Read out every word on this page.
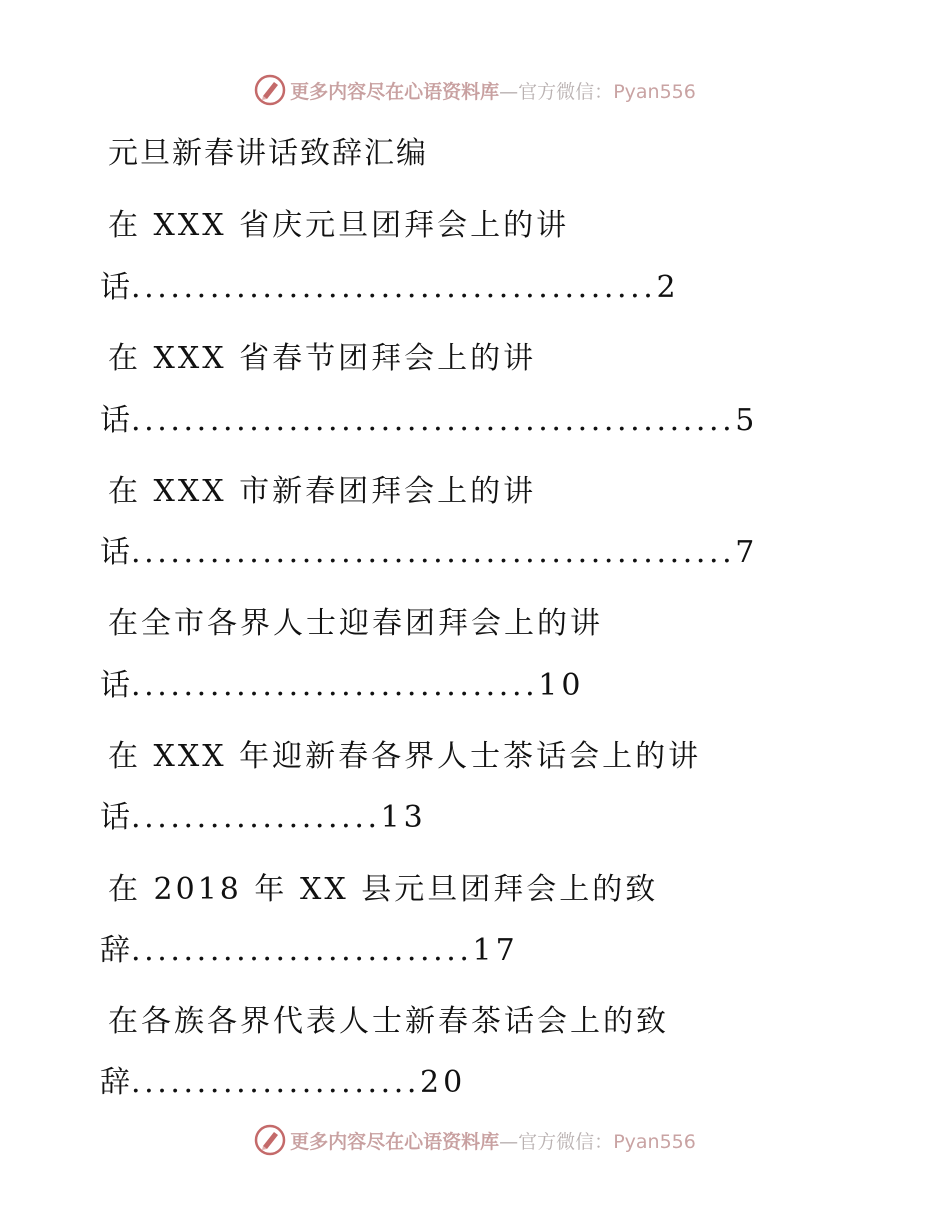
更多内容尽在心语资料库—官方微信：Pyan556
元旦新春讲话致辞汇编
在 XXX 省庆元旦团拜会上的讲
话........................................2
在 XXX 省春节团拜会上的讲
话..............................................5
在 XXX 市新春团拜会上的讲
话..............................................7
在全市各界人士迎春团拜会上的讲
话...............................10
在 XXX 年迎新春各界人士茶话会上的讲
话...................13
在 2018 年 XX 县元旦团拜会上的致
辞..........................17
在各族各界代表人士新春茶话会上的致
辞......................20
更多内容尽在心语资料库—官方微信：Pyan556
